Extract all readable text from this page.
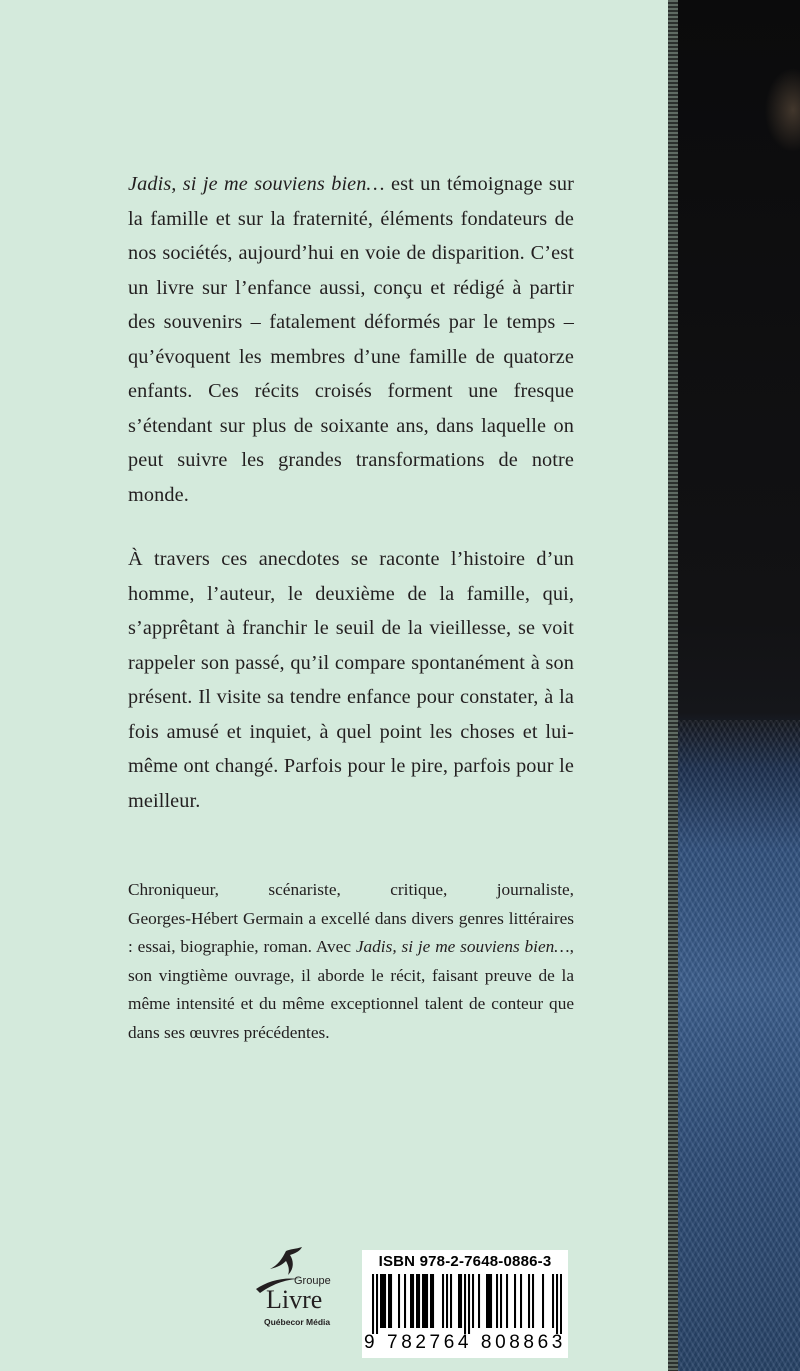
Jadis, si je me souviens bien… est un témoignage sur la famille et sur la fraternité, éléments fondateurs de nos sociétés, aujourd’hui en voie de disparition. C’est un livre sur l’enfance aussi, conçu et rédigé à partir des souvenirs – fatalement déformés par le temps – qu’évoquent les membres d’une famille de quatorze enfants. Ces récits croisés forment une fresque s’étendant sur plus de soixante ans, dans laquelle on peut suivre les grandes transformations de notre monde.
À travers ces anecdotes se raconte l’histoire d’un homme, l’auteur, le deuxième de la famille, qui, s’apprêtant à franchir le seuil de la vieillesse, se voit rappeler son passé, qu’il compare spontanément à son présent. Il visite sa tendre enfance pour constater, à la fois amusé et inquiet, à quel point les choses et lui-même ont changé. Parfois pour le pire, parfois pour le meilleur.
Chroniqueur, scénariste, critique, journaliste,
Georges-Hébert Germain a excellé dans divers genres littéraires : essai, biographie, roman. Avec Jadis, si je me souviens bien…, son vingtième ouvrage, il aborde le récit, faisant preuve de la même intensité et du même exceptionnel talent de conteur que dans ses œuvres précédentes.
Groupe
Livre
Québecor Média
ISBN 978-2-7648-0886-3
9 782764 808863
